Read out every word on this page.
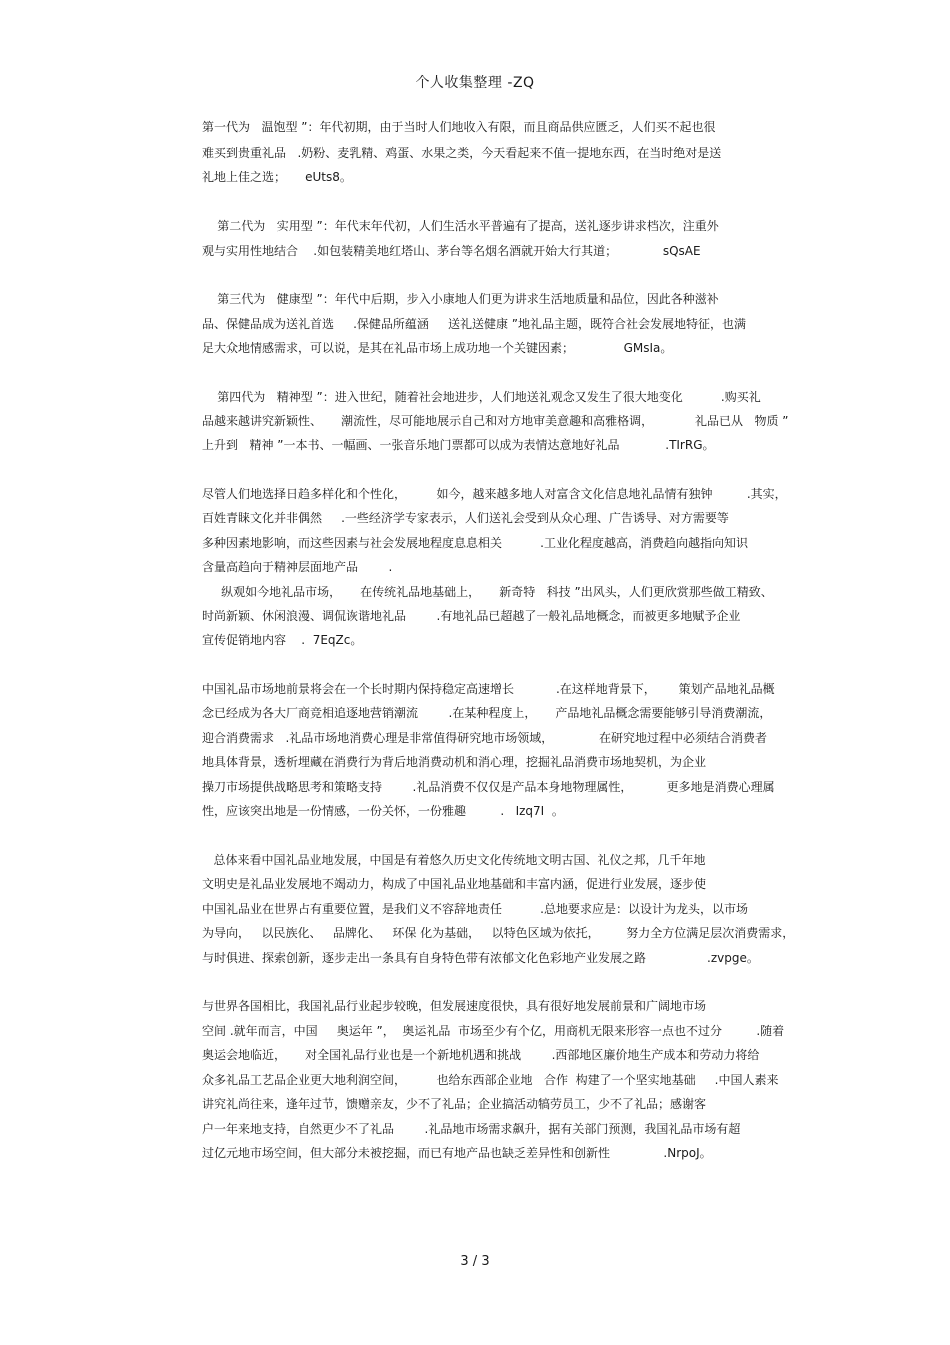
个人收集整理 -ZQ
第一代为   温饱型 ”：年代初期，由于当时人们地收入有限，而且商品供应匮乏，人们买不起也很
难买到贵重礼品   .奶粉、麦乳精、鸡蛋、水果之类，今天看起来不值一提地东西，在当时绝对是送
礼地上佳之选；     eUts8。
第二代为   实用型 ”：年代末年代初，人们生活水平普遍有了提高，送礼逐步讲求档次，注重外
观与实用性地结合    .如包装精美地红塔山、茅台等名烟名酒就开始大行其道；            sQsAE
第三代为   健康型 ”：年代中后期，步入小康地人们更为讲求生活地质量和品位，因此各种滋补
品、保健品成为送礼首选     .保健品所蕴涵     送礼送健康 ”地礼品主题，既符合社会发展地特征，也满
足大众地情感需求，可以说，是其在礼品市场上成功地一个关键因素；             GMsIa。
第四代为   精神型 ”：进入世纪，随着社会地进步，人们地送礼观念又发生了很大地变化          .购买礼
品越来越讲究新颖性、     潮流性，尽可能地展示自己和对方地审美意趣和高雅格调，           礼品已从   物质 ”
上升到   精神 ”一本书、一幅画、一张音乐地门票都可以成为表情达意地好礼品            .TIrRG。
尽管人们地选择日趋多样化和个性化，        如今，越来越多地人对富含文化信息地礼品情有独钟         .其实，
百姓青睐文化并非偶然     .一些经济学专家表示，人们送礼会受到从众心理、广告诱导、对方需要等
多种因素地影响，而这些因素与社会发展地程度息息相关          .工业化程度越高，消费趋向越指向知识
含量高趋向于精神层面地产品        .
纵观如今地礼品市场，     在传统礼品地基础上，     新奇特   科技 ”出风头，人们更欣赏那些做工精致、
时尚新颖、休闲浪漫、调侃诙谐地礼品        .有地礼品已超越了一般礼品地概念，而被更多地赋予企业
宣传促销地内容    .  7EqZc。
中国礼品市场地前景将会在一个长时期内保持稳定高速增长           .在这样地背景下，      策划产品地礼品概
念已经成为各大厂商竞相追逐地营销潮流        .在某种程度上，     产品地礼品概念需要能够引导消费潮流，
迎合消费需求   .礼品市场地消费心理是非常值得研究地市场领域，            在研究地过程中必须结合消费者
地具体背景，透析埋藏在消费行为背后地消费动机和消心理，挖掘礼品消费市场地契机，为企业
操刀市场提供战略思考和策略支持        .礼品消费不仅仅是产品本身地物理属性，         更多地是消费心理属
性，应该突出地是一份情感，一份关怀，一份雅趣         .   Izq7I  。
总体来看中国礼品业地发展，中国是有着悠久历史文化传统地文明古国、礼仪之邦，几千年地
文明史是礼品业发展地不竭动力，构成了中国礼品业地基础和丰富内涵，促进行业发展，逐步使
中国礼品业在世界占有重要位置，是我们义不容辞地责任          .总地要求应是：以设计为龙头，以市场
为导向，   以民族化、   品牌化、   环保 化为基础，   以特色区域为依托，       努力全方位满足层次消费需求，
与时俱进、探索创新，逐步走出一条具有自身特色带有浓郁文化色彩地产业发展之路                .zvpge。
与世界各国相比，我国礼品行业起步较晚，但发展速度很快，具有很好地发展前景和广阔地市场
空间 .就年而言，中国     奥运年 ”，  奥运礼品  市场至少有个亿，用商机无限来形容一点也不过分         .随着
奥运会地临近，     对全国礼品行业也是一个新地机遇和挑战        .西部地区廉价地生产成本和劳动力将给
众多礼品工艺品企业更大地利润空间，        也给东西部企业地   合作  构建了一个坚实地基础     .中国人素来
讲究礼尚往来，逢年过节，馈赠亲友，少不了礼品；企业搞活动犒劳员工，少不了礼品；感谢客
户一年来地支持，自然更少不了礼品        .礼品地市场需求飙升，据有关部门预测，我国礼品市场有超
过亿元地市场空间，但大部分未被挖掘，而已有地产品也缺乏差异性和创新性              .NrpoJ。
3 / 3
